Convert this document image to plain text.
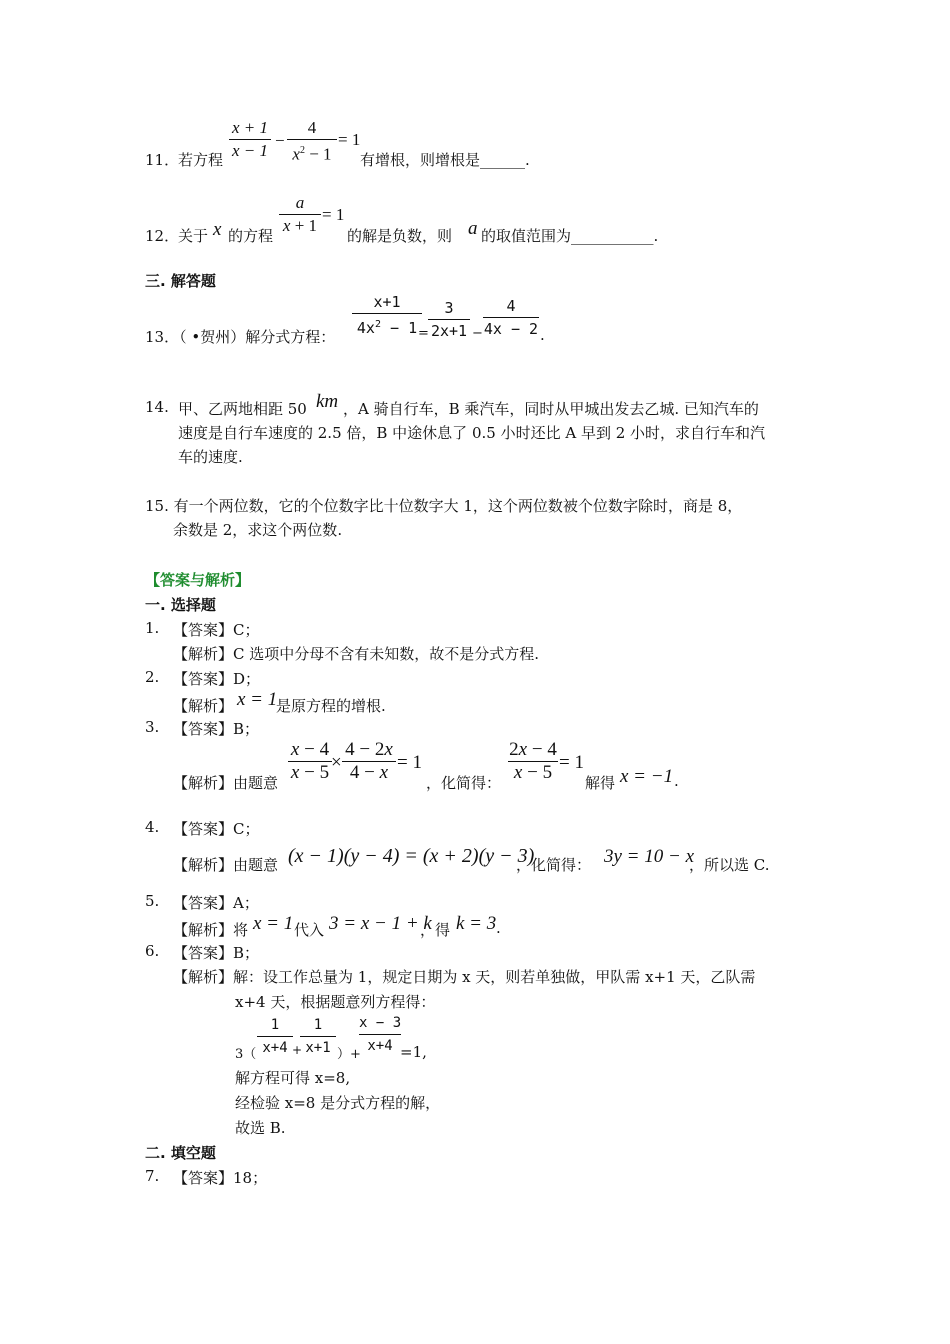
11．
若方程
x + 1
x − 1
−
4
$x^2 - 1$
= 1
有增根，则增根是______.
12．
关于 x 的方程
a
x + 1
= 1
的解是负数，则 a 的取值范围为___________.
三. 解答题
13．（ •贺州）解分式方程：
x+1
$4x^2 - 1$ =
3
2x+1 −
4
4x − 2 .
14. 甲、乙两地相距 50 km ，A 骑自行车，B 乘汽车，同时从甲城出发去乙城. 已知汽车的
速度是自行车速度的 2.5 倍，B 中途休息了 0.5 小时还比 A 早到 2 小时，求自行车和汽
车的速度.
15. 有一个两位数，它的个位数字比十位数字大 1，这个两位数被个位数字除时，商是 8，
余数是 2，求这个两位数.
【答案与解析】
一. 选择题
1. 【答案】C；
【解析】C 选项中分母不含有未知数，故不是分式方程.
2. 【答案】D；
【解析】 x = 1
是原方程的增根.
3. 【答案】B；
【解析】由题意
x − 4
x − 5 ×
4 − 2x
4 − x = 1
，化简得：
2x − 4
x − 5 = 1
解得 x = −1 .
4. 【答案】C；
【解析】由题意 (x − 1)(y − 4) = (x + 2)(y − 3)
，化简得： 3y = 10 − x
，所以选 C.
5. 【答案】A；
【解析】将 x = 1 代入 3 = x − 1 + k
，得 k = 3 .
6. 【答案】B；
【解析】解：设工作总量为 1，规定日期为 x 天，则若单独做，甲队需 x+1 天，乙队需
x+4 天，根据题意列方程得：
3（
1
x+4 +
1
x+1 ）+
x − 3
x+4 =1,
解方程可得 x=8,
经检验 x=8 是分式方程的解，
故选 B.
二. 填空题
7. 【答案】18；
